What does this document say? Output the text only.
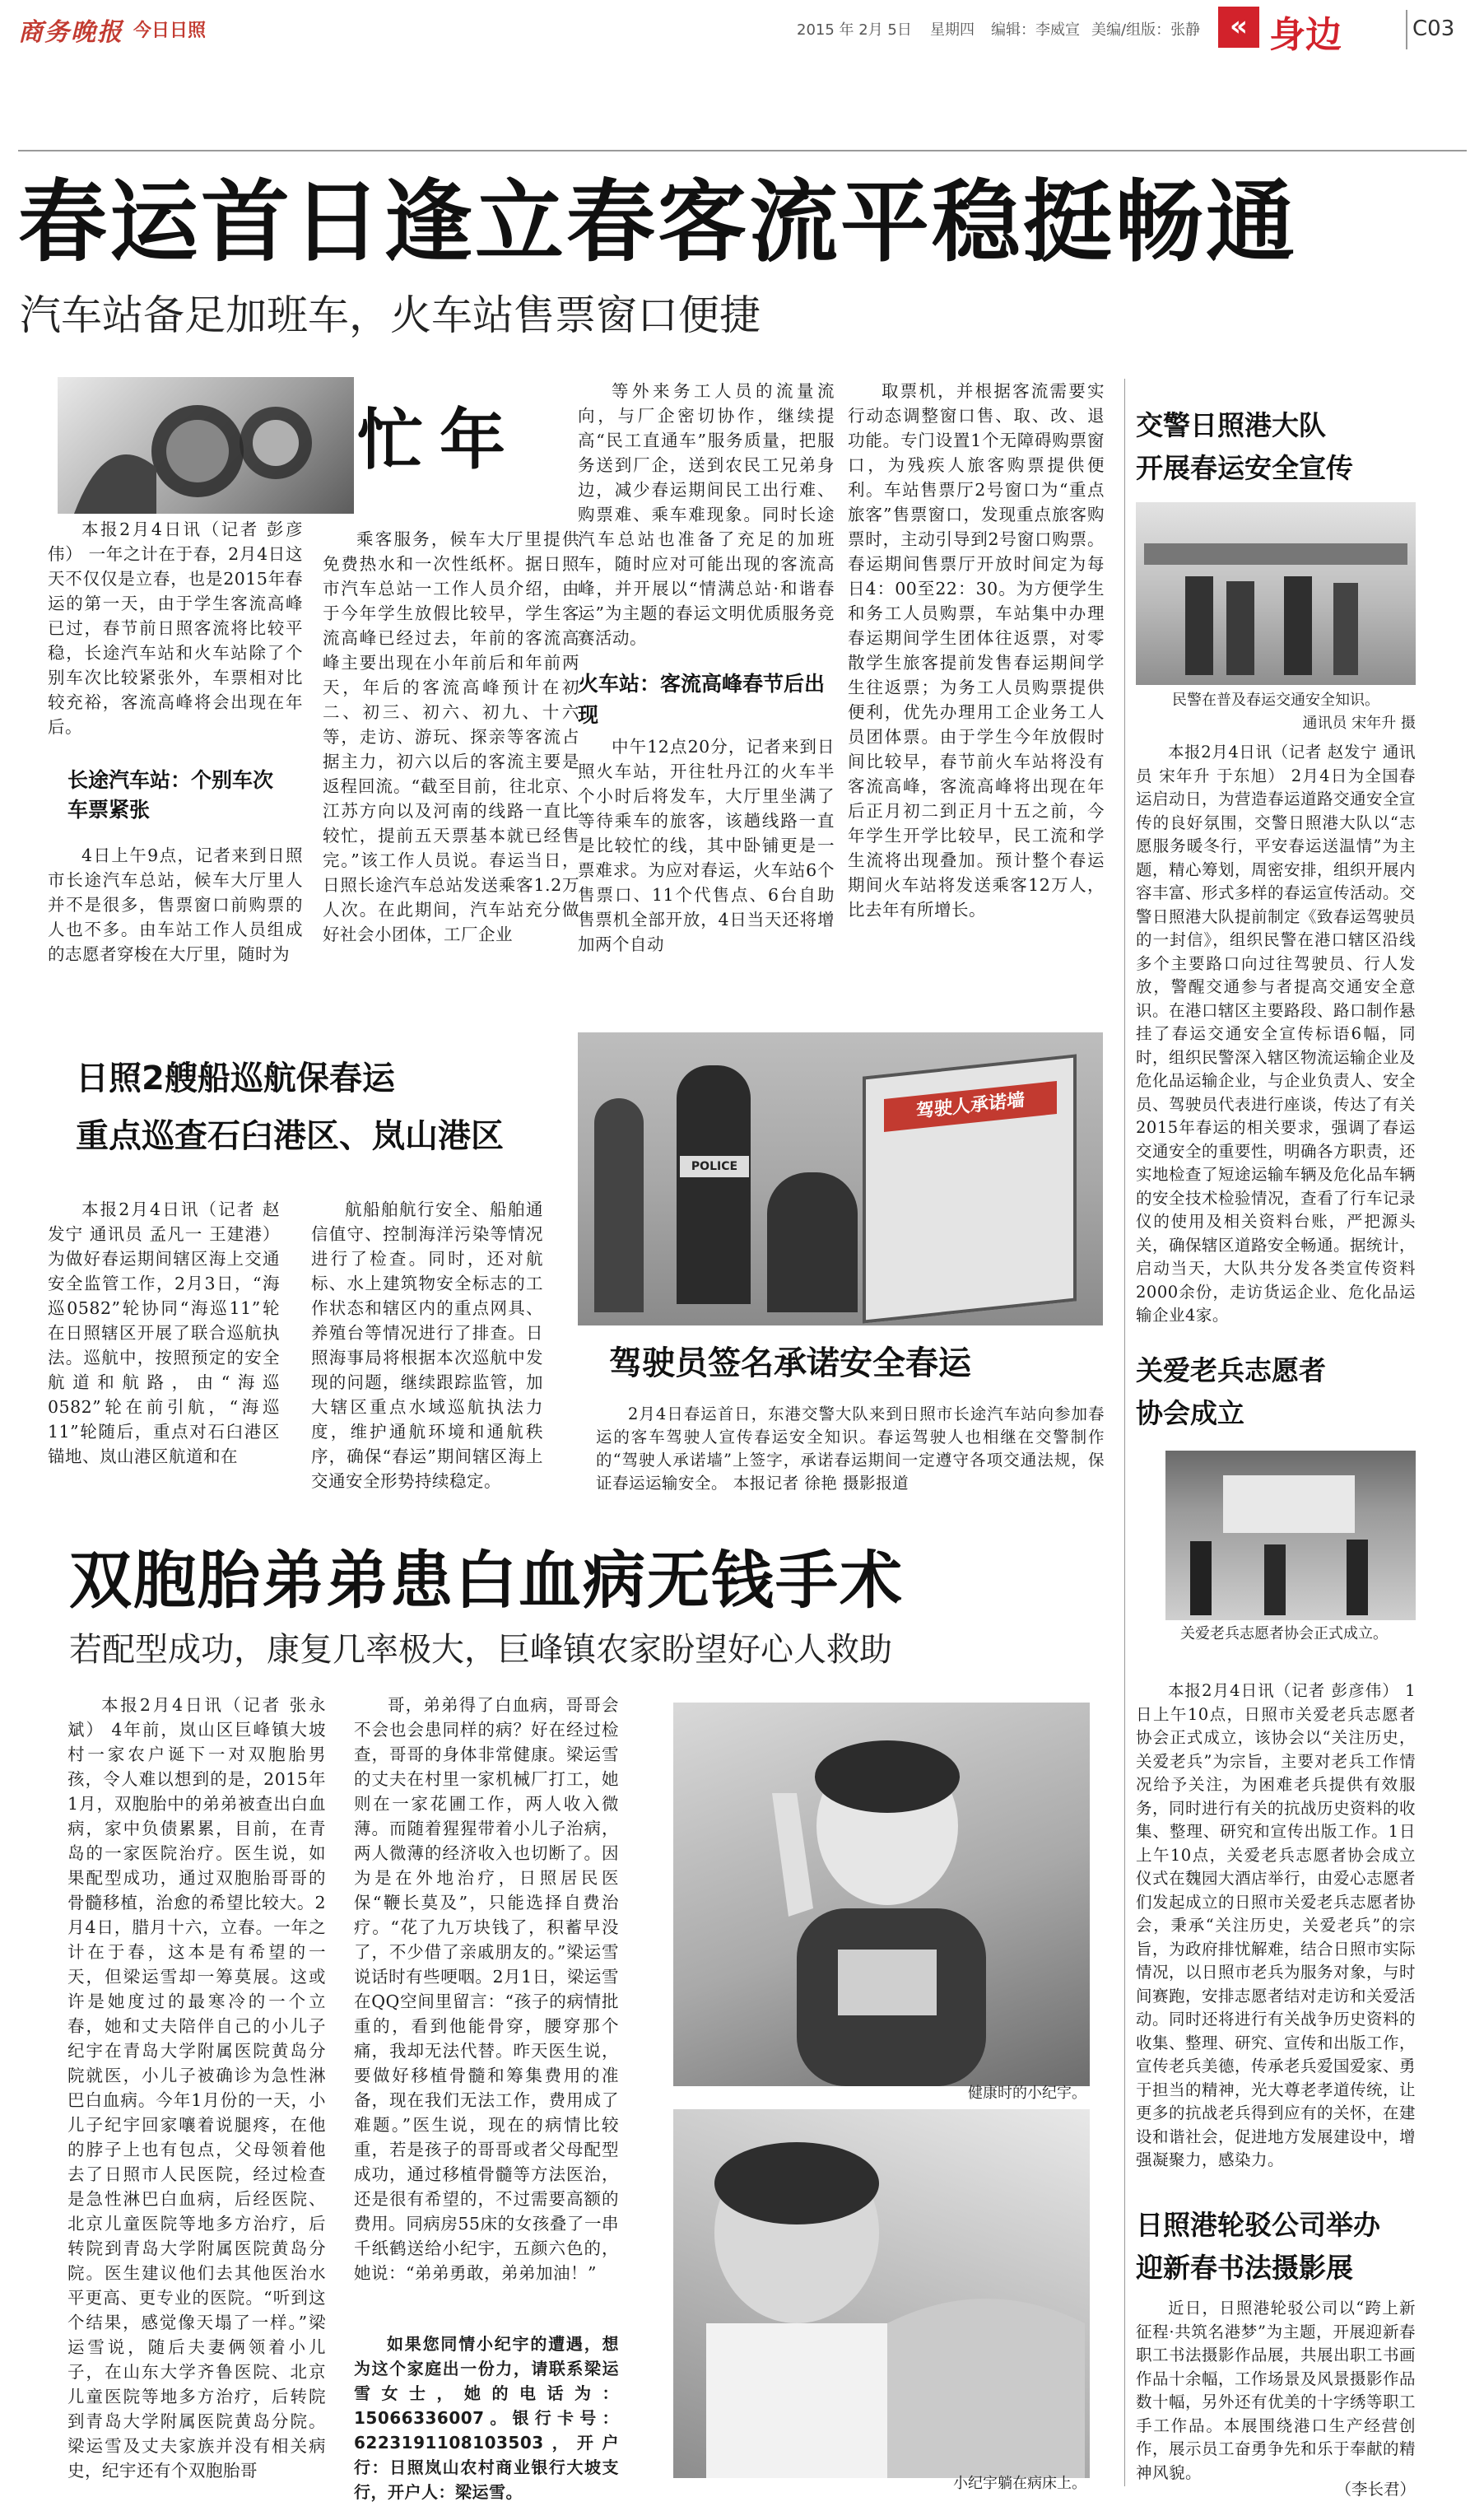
商务晚报 今日日照	2015 年 2月 5日 星期四 编辑：李威宣 美编/组版：张静	« 身边	C03
春运首日逢立春客流平稳挺畅通
汽车站备足加班车，火车站售票窗口便捷
忙年

本报2月4日讯（记者 彭彦伟） 一年之计在于春，2月4日这天不仅仅是立春，也是2015年春运的第一天，由于学生客流高峰已过，春节前日照客流将比较平稳，长途汽车站和火车站除了个别车次比较紧张外，车票相对比较充裕，客流高峰将会出现在年后。

长途汽车站：个别车次车票紧张

4日上午9点，记者来到日照市长途汽车总站，候车大厅里人并不是很多，售票窗口前购票的人也不多。由车站工作人员组成的志愿者穿梭在大厅里，随时为

乘客服务，候车大厅里提供免费热水和一次性纸杯。据日照市汽车总站一工作人员介绍，由于今年学生放假比较早，学生客流高峰已经过去，年前的客流高峰主要出现在小年前后和年前两天，年后的客流高峰预计在初二、初三、初六、初九、十六等，走访、游玩、探亲等客流占据主力，初六以后的客流主要是返程回流。“截至目前，往北京、江苏方向以及河南的线路一直比较忙，提前五天票基本就已经售完。”该工作人员说。春运当日，日照长途汽车总站发送乘客1.2万人次。在此期间，汽车站充分做好社会小团体，工厂企业

等外来务工人员的流量流向，与厂企密切协作，继续提高“民工直通车”服务质量，把服务送到厂企，送到农民工兄弟身边，减少春运期间民工出行难、购票难、乘车难现象。同时长途汽车总站也准备了充足的加班车，随时应对可能出现的客流高峰，并开展以“情满总站·和谐春运”为主题的春运文明优质服务竞赛活动。

火车站：客流高峰春节后出现

中午12点20分，记者来到日照火车站，开往牡丹江的火车半个小时后将发车，大厅里坐满了等待乘车的旅客，该趟线路一直是比较忙的线，其中卧铺更是一票难求。为应对春运，火车站6个售票口、11个代售点、6台自助售票机全部开放，4日当天还将增加两个自动

取票机，并根据客流需要实行动态调整窗口售、取、改、退功能。专门设置1个无障碍购票窗口，为残疾人旅客购票提供便利。车站售票厅2号窗口为“重点旅客”售票窗口，发现重点旅客购票时，主动引导到2号窗口购票。春运期间售票厅开放时间定为每日4：00至22：30。为方便学生和务工人员购票，车站集中办理春运期间学生团体往返票，对零散学生旅客提前发售春运期间学生往返票；为务工人员购票提供便利，优先办理用工企业务工人员团体票。由于学生今年放假时间比较早，春节前火车站将没有客流高峰，客流高峰将出现在年后正月初二到正月十五之前，今年学生开学比较早，民工流和学生流将出现叠加。预计整个春运期间火车站将发送乘客12万人，比去年有所增长。

日照2艘船巡航保春运
重点巡查石臼港区、岚山港区

本报2月4日讯（记者 赵发宁 通讯员 孟凡一 王建港） 为做好春运期间辖区海上交通安全监管工作，2月3日，“海巡0582”轮协同“海巡11”轮在日照辖区开展了联合巡航执法。巡航中，按照预定的安全航道和航路，由“海巡0582”轮在前引航，“海巡11”轮随后，重点对石臼港区锚地、岚山港区航道和在

航船舶航行安全、船舶通信值守、控制海洋污染等情况进行了检查。同时，还对航标、水上建筑物安全标志的工作状态和辖区内的重点网具、养殖台等情况进行了排查。日照海事局将根据本次巡航中发现的问题，继续跟踪监管，加大辖区重点水域巡航执法力度，维护通航环境和通航秩序，确保“春运”期间辖区海上交通安全形势持续稳定。

驾驶人承诺墙
POLICE
驾驶员签名承诺安全春运

2月4日春运首日，东港交警大队来到日照市长途汽车站向参加春运的客车驾驶人宣传春运安全知识。春运驾驶人也相继在交警制作的“驾驶人承诺墙”上签字，承诺春运期间一定遵守各项交通法规，保证春运运输安全。 本报记者 徐艳 摄影报道

双胞胎弟弟患白血病无钱手术
若配型成功，康复几率极大，巨峰镇农家盼望好心人救助

本报2月4日讯（记者 张永斌） 4年前，岚山区巨峰镇大坡村一家农户诞下一对双胞胎男孩，令人难以想到的是，2015年1月，双胞胎中的弟弟被查出白血病，家中负债累累，目前，在青岛的一家医院治疗。医生说，如果配型成功，通过双胞胎哥哥的骨髓移植，治愈的希望比较大。2月4日，腊月十六，立春。一年之计在于春，这本是有希望的一天，但梁运雪却一筹莫展。这或许是她度过的最寒冷的一个立春，她和丈夫陪伴自己的小儿子纪宇在青岛大学附属医院黄岛分院就医，小儿子被确诊为急性淋巴白血病。今年1月份的一天，小儿子纪宇回家嚷着说腿疼，在他的脖子上也有包点，父母领着他去了日照市人民医院，经过检查是急性淋巴白血病，后经医院、北京儿童医院等地多方治疗，后转院到青岛大学附属医院黄岛分院。医生建议他们去其他医治水平更高、更专业的医院。“听到这个结果，感觉像天塌了一样。”梁运雪说，随后夫妻俩领着小儿子，在山东大学齐鲁医院、北京儿童医院等地多方治疗，后转院到青岛大学附属医院黄岛分院。梁运雪及丈夫家族并没有相关病史，纪宇还有个双胞胎哥

哥，弟弟得了白血病，哥哥会不会也会患同样的病？好在经过检查，哥哥的身体非常健康。梁运雪的丈夫在村里一家机械厂打工，她则在一家花圃工作，两人收入微薄。而随着猩猩带着小儿子治病，两人微薄的经济收入也切断了。因为是在外地治疗，日照居民医保“鞭长莫及”，只能选择自费治疗。“花了九万块钱了，积蓄早没了，不少借了亲戚朋友的。”梁运雪说话时有些哽咽。2月1日，梁运雪在QQ空间里留言：“孩子的病情批重的，看到他能骨穿，腰穿那个痛，我却无法代替。昨天医生说，要做好移植骨髓和筹集费用的准备，现在我们无法工作，费用成了难题。”医生说，现在的病情比较重，若是孩子的哥哥或者父母配型成功，通过移植骨髓等方法医治，还是很有希望的，不过需要高额的费用。同病房55床的女孩叠了一串千纸鹤送给小纪宇，五颜六色的，她说：“弟弟勇敢，弟弟加油！”

如果您同情小纪宇的遭遇，想为这个家庭出一份力，请联系梁运雪女士，她的电话为：15066336007。银行卡号：6223191108103503，开户行：日照岚山农村商业银行大坡支行，开户人：梁运雪。

健康时的小纪宇。
小纪宇躺在病床上。
交警日照港大队
开展春运安全宣传
民警在普及春运交通安全知识。
通讯员 宋年升 摄

本报2月4日讯（记者 赵发宁 通讯员 宋年升 于东旭） 2月4日为全国春运启动日，为营造春运道路交通安全宣传的良好氛围，交警日照港大队以“志愿服务暖冬行，平安春运送温情”为主题，精心筹划，周密安排，组织开展内容丰富、形式多样的春运宣传活动。交警日照港大队提前制定《致春运驾驶员的一封信》，组织民警在港口辖区沿线多个主要路口向过往驾驶员、行人发放，警醒交通参与者提高交通安全意识。在港口辖区主要路段、路口制作悬挂了春运交通安全宣传标语6幅，同时，组织民警深入辖区物流运输企业及危化品运输企业，与企业负责人、安全员、驾驶员代表进行座谈，传达了有关2015年春运的相关要求，强调了春运交通安全的重要性，明确各方职责，还实地检查了短途运输车辆及危化品车辆的安全技术检验情况，查看了行车记录仪的使用及相关资料台账，严把源头关，确保辖区道路安全畅通。据统计，启动当天，大队共分发各类宣传资料2000余份，走访货运企业、危化品运输企业4家。

关爱老兵志愿者
协会成立
关爱老兵志愿者协会正式成立。

本报2月4日讯（记者 彭彦伟） 1日上午10点，日照市关爱老兵志愿者协会正式成立，该协会以“关注历史，关爱老兵”为宗旨，主要对老兵工作情况给予关注，为困难老兵提供有效服务，同时进行有关的抗战历史资料的收集、整理、研究和宣传出版工作。1日上午10点，关爱老兵志愿者协会成立仪式在魏园大酒店举行，由爱心志愿者们发起成立的日照市关爱老兵志愿者协会，秉承“关注历史，关爱老兵”的宗旨，为政府排忧解难，结合日照市实际情况，以日照市老兵为服务对象，与时间赛跑，安排志愿者结对走访和关爱活动。同时还将进行有关战争历史资料的收集、整理、研究、宣传和出版工作，宣传老兵美德，传承老兵爱国爱家、勇于担当的精神，光大尊老孝道传统，让更多的抗战老兵得到应有的关怀，在建设和谐社会，促进地方发展建设中，增强凝聚力，感染力。

日照港轮驳公司举办
迎新春书法摄影展

近日，日照港轮驳公司以“跨上新征程·共筑名港梦”为主题，开展迎新春职工书法摄影作品展，共展出职工书画作品十余幅，工作场景及风景摄影作品数十幅，另外还有优美的十字绣等职工手工作品。本展围绕港口生产经营创作，展示员工奋勇争先和乐于奉献的精神风貌。

（李长君）
